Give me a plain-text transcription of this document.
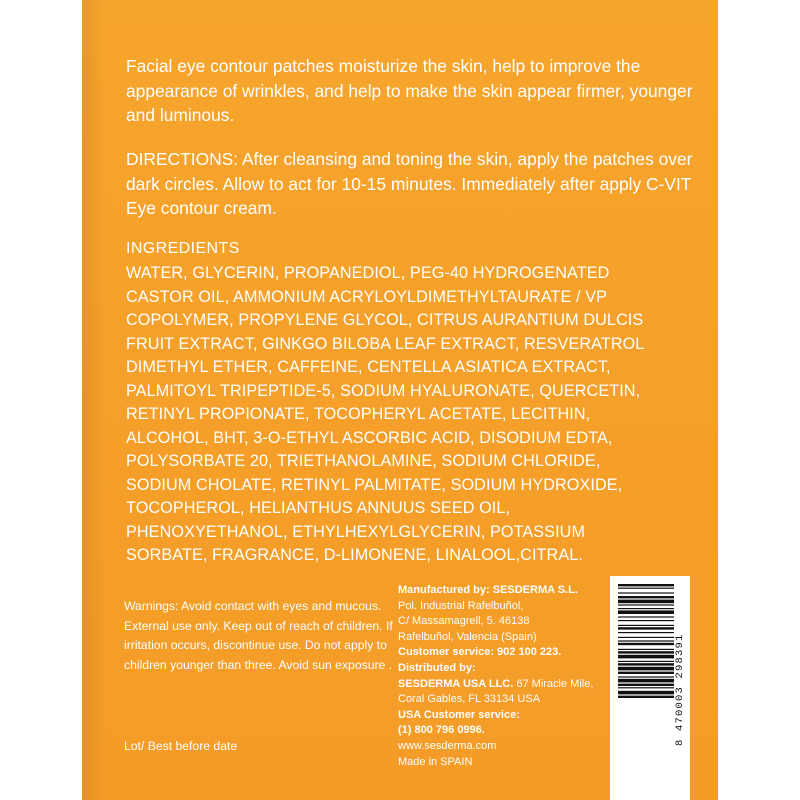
Facial eye contour patches moisturize the skin, help to improve the appearance of wrinkles, and help to make the skin appear firmer, younger and luminous.
DIRECTIONS: After cleansing and toning the skin, apply the patches over dark circles. Allow to act for 10-15 minutes. Immediately after apply C-VIT Eye contour cream.
INGREDIENTS
WATER, GLYCERIN, PROPANEDIOL, PEG-40 HYDROGENATED
CASTOR OIL, AMMONIUM ACRYLOYLDIMETHYLTAURATE / VP
COPOLYMER, PROPYLENE GLYCOL, CITRUS AURANTIUM DULCIS
FRUIT EXTRACT, GINKGO BILOBA LEAF EXTRACT, RESVERATROL
DIMETHYL ETHER, CAFFEINE, CENTELLA ASIATICA EXTRACT,
PALMITOYL TRIPEPTIDE-5, SODIUM HYALURONATE, QUERCETIN,
RETINYL PROPIONATE, TOCOPHERYL ACETATE, LECITHIN,
ALCOHOL, BHT, 3-O-ETHYL ASCORBIC ACID, DISODIUM EDTA,
POLYSORBATE 20, TRIETHANOLAMINE, SODIUM CHLORIDE,
SODIUM CHOLATE, RETINYL PALMITATE, SODIUM HYDROXIDE,
TOCOPHEROL, HELIANTHUS ANNUUS SEED OIL,
PHENOXYETHANOL, ETHYLHEXYLGLYCERIN, POTASSIUM
SORBATE, FRAGRANCE, D-LIMONENE, LINALOOL,CITRAL.
Warnings: Avoid contact with eyes and mucous. External use only. Keep out of reach of children. If irritation occurs, discontinue use. Do not apply to children younger than three. Avoid sun exposure .
Lot/ Best before date
Manufactured by: SESDERMA S.L.
Pol. Industrial Rafelbuñol,
C/ Massamagrell, 5. 46138
Rafelbuñol, Valencia (Spain)
Customer service: 902 100 223.
Distributed by:
SESDERMA USA LLC. 67 Miracle Mile, Coral Gables, FL 33134 USA
USA Customer service:
(1) 800 796 0996.
www.sesderma.com
Made in SPAIN
8 470003 298391
